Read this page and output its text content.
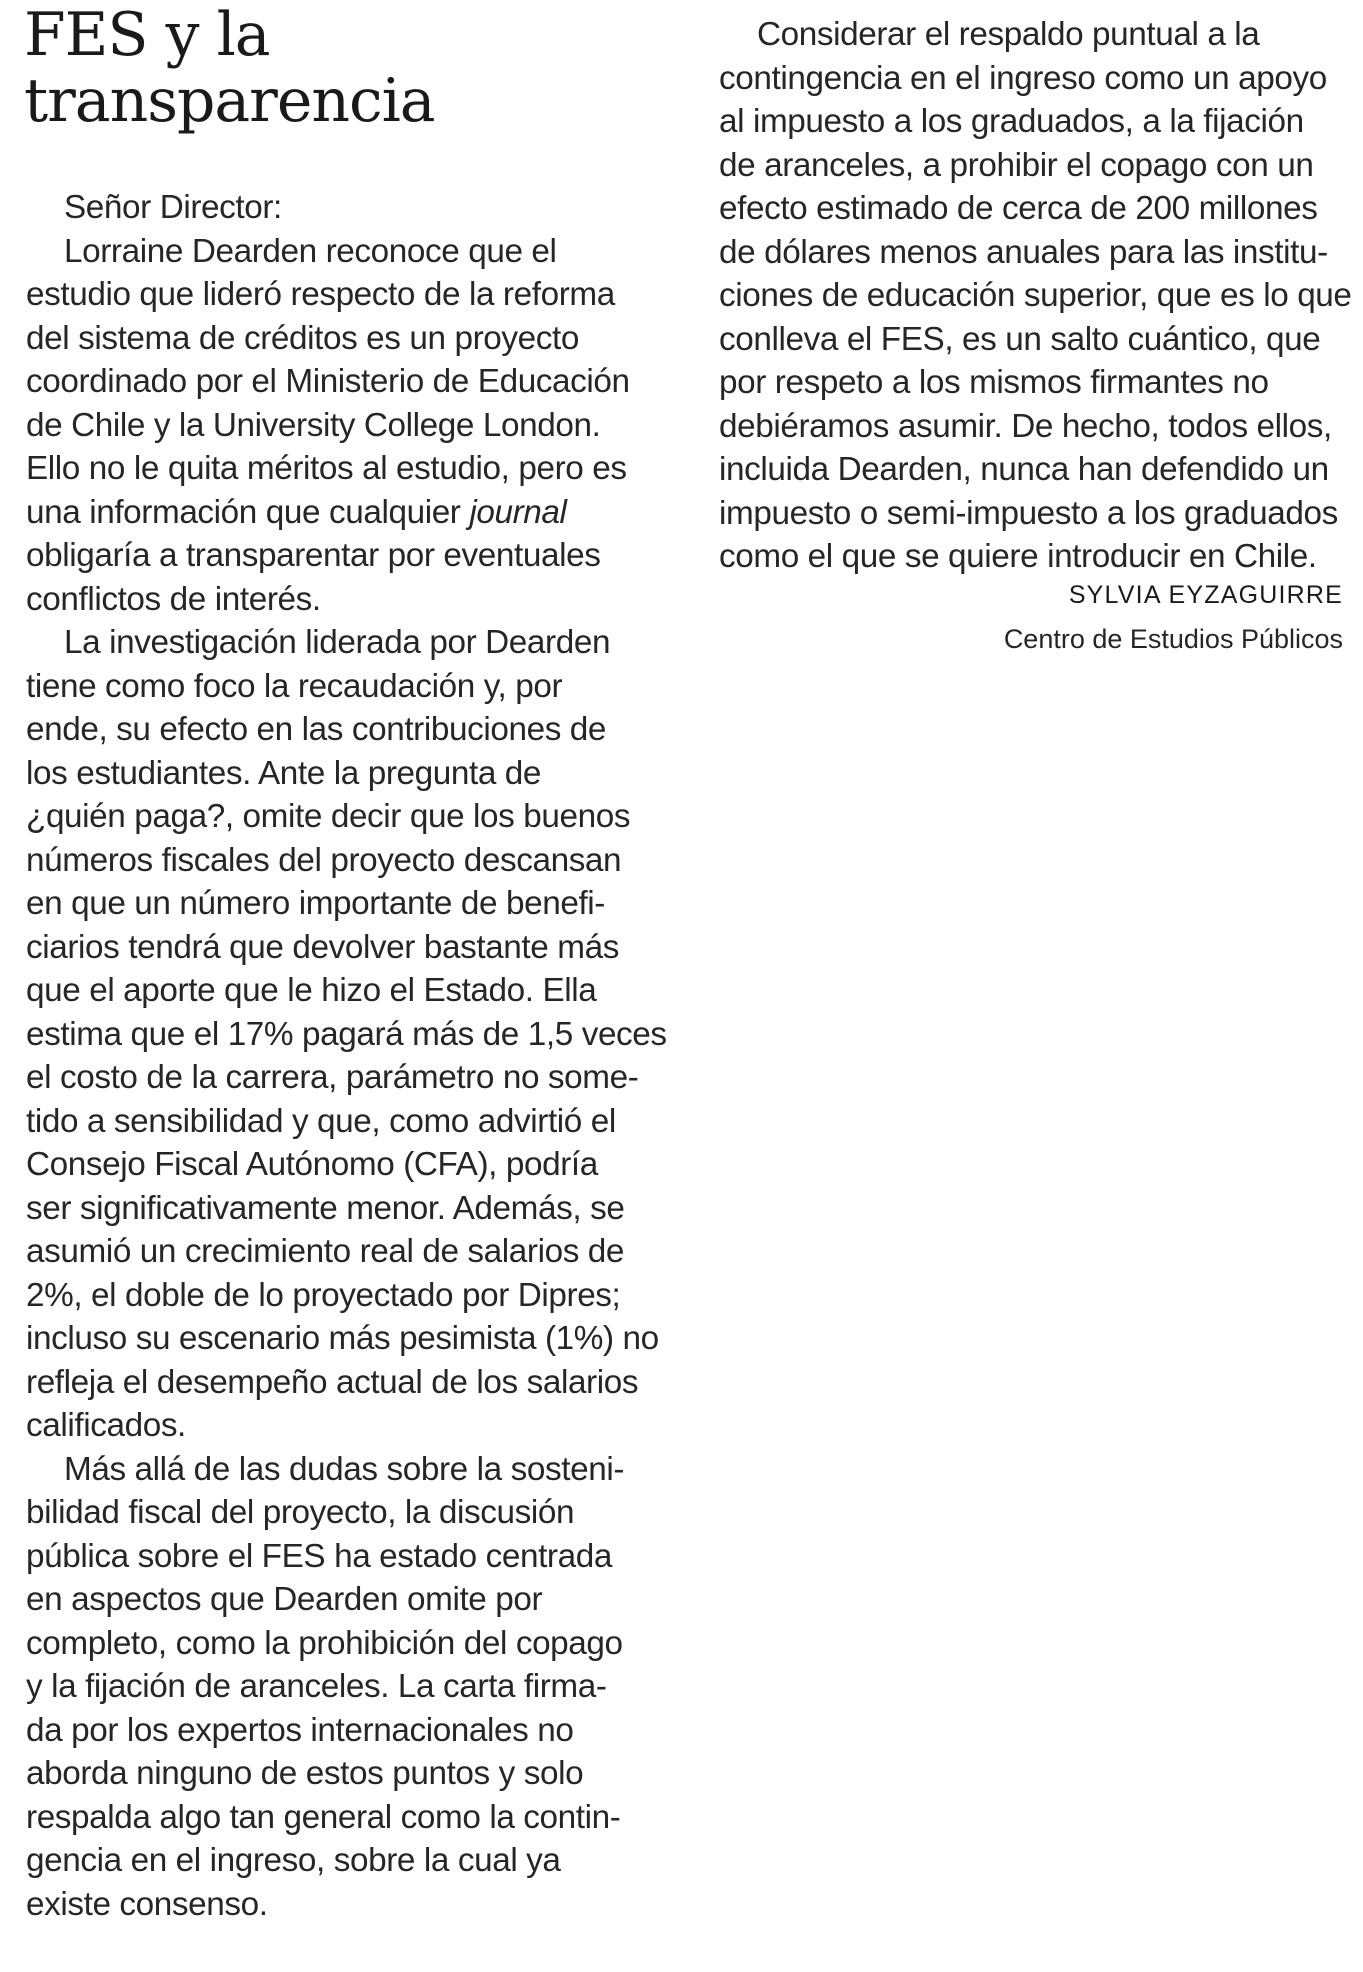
FES y la
transparencia
Señor Director:
Lorraine Dearden reconoce que el
estudio que lideró respecto de la reforma
del sistema de créditos es un proyecto
coordinado por el Ministerio de Educación
de Chile y la University College London.
Ello no le quita méritos al estudio, pero es
una información que cualquier journal
obligaría a transparentar por eventuales
conflictos de interés.
La investigación liderada por Dearden
tiene como foco la recaudación y, por
ende, su efecto en las contribuciones de
los estudiantes. Ante la pregunta de
¿quién paga?, omite decir que los buenos
números fiscales del proyecto descansan
en que un número importante de benefi-
ciarios tendrá que devolver bastante más
que el aporte que le hizo el Estado. Ella
estima que el 17% pagará más de 1,5 veces
el costo de la carrera, parámetro no some-
tido a sensibilidad y que, como advirtió el
Consejo Fiscal Autónomo (CFA), podría
ser significativamente menor. Además, se
asumió un crecimiento real de salarios de
2%, el doble de lo proyectado por Dipres;
incluso su escenario más pesimista (1%) no
refleja el desempeño actual de los salarios
calificados.
Más allá de las dudas sobre la sosteni-
bilidad fiscal del proyecto, la discusión
pública sobre el FES ha estado centrada
en aspectos que Dearden omite por
completo, como la prohibición del copago
y la fijación de aranceles. La carta firma-
da por los expertos internacionales no
aborda ninguno de estos puntos y solo
respalda algo tan general como la contin-
gencia en el ingreso, sobre la cual ya
existe consenso.
Considerar el respaldo puntual a la
contingencia en el ingreso como un apoyo
al impuesto a los graduados, a la fijación
de aranceles, a prohibir el copago con un
efecto estimado de cerca de 200 millones
de dólares menos anuales para las institu-
ciones de educación superior, que es lo que
conlleva el FES, es un salto cuántico, que
por respeto a los mismos firmantes no
debiéramos asumir. De hecho, todos ellos,
incluida Dearden, nunca han defendido un
impuesto o semi-impuesto a los graduados
como el que se quiere introducir en Chile.
SYLVIA EYZAGUIRRE
Centro de Estudios Públicos
